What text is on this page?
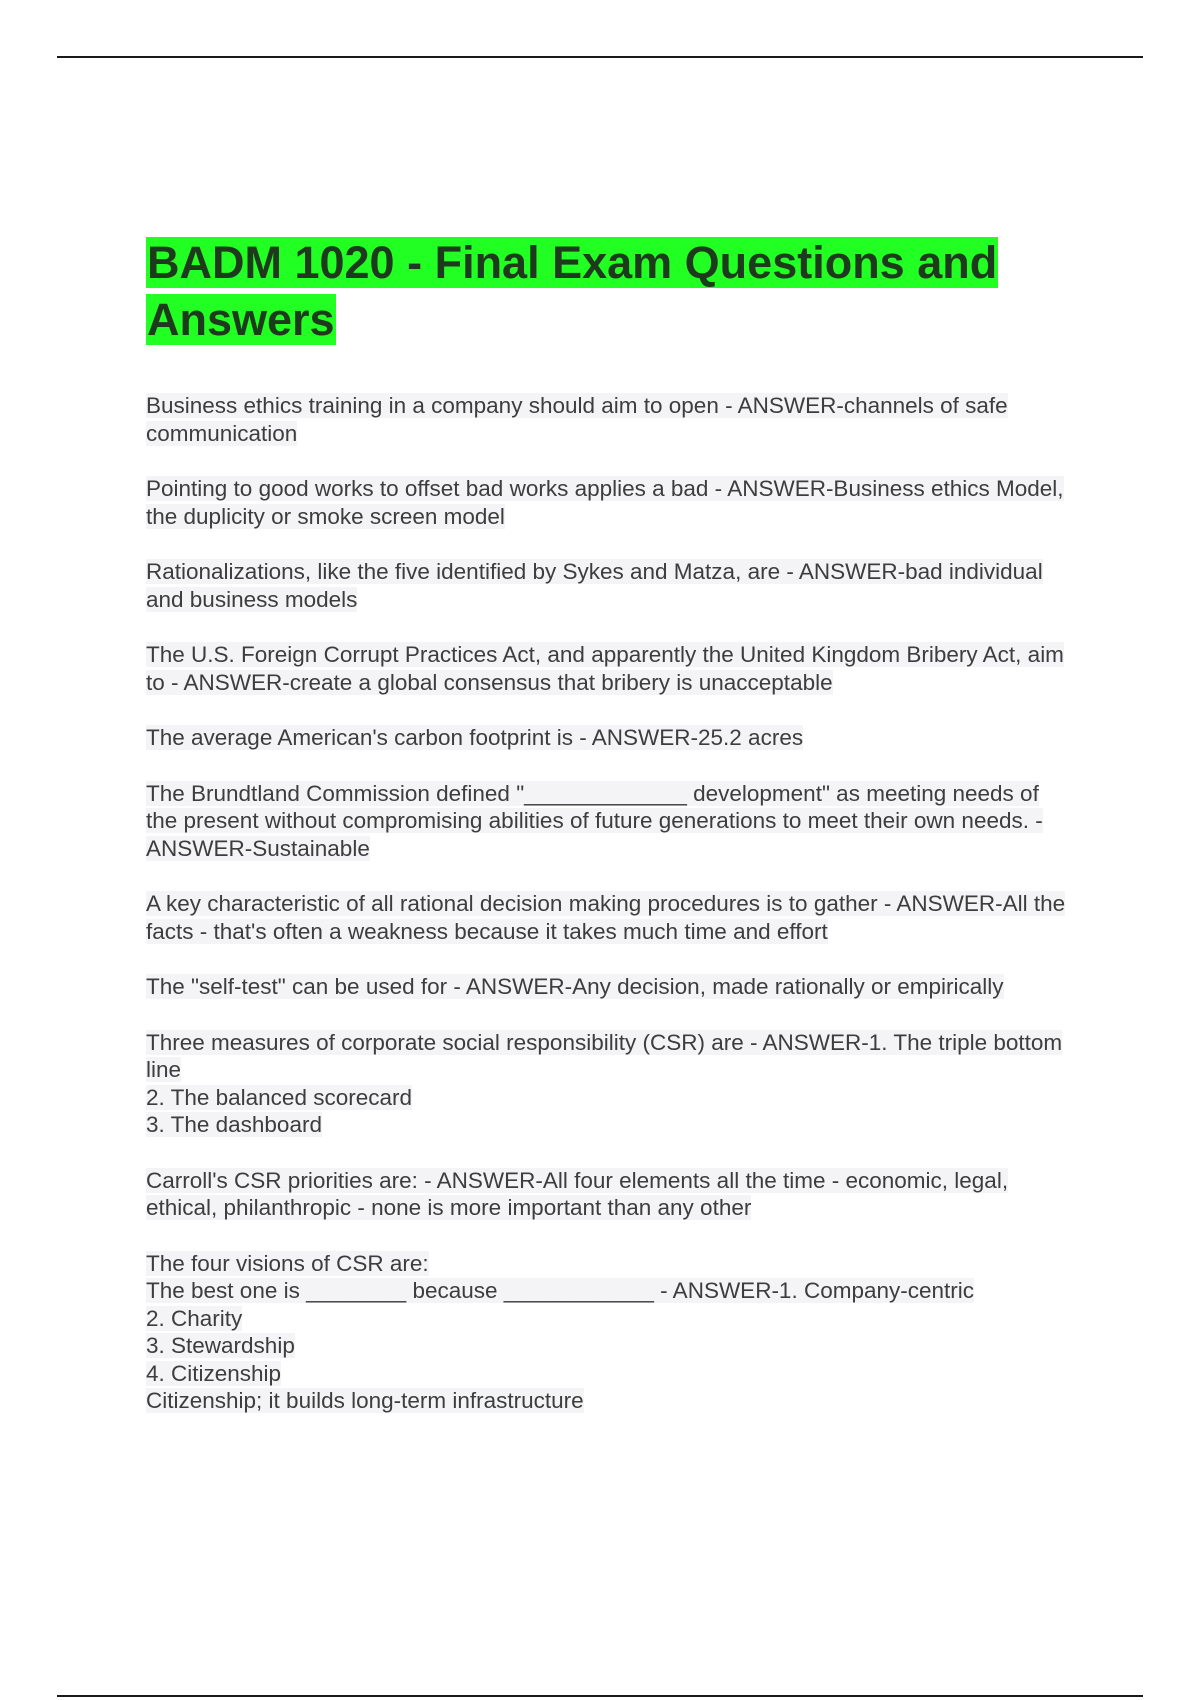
BADM 1020 - Final Exam Questions and Answers

Business ethics training in a company should aim to open - ANSWER-channels of safe communication

Pointing to good works to offset bad works applies a bad - ANSWER-Business ethics Model, the duplicity or smoke screen model

Rationalizations, like the five identified by Sykes and Matza, are - ANSWER-bad individual and business models

The U.S. Foreign Corrupt Practices Act, and apparently the United Kingdom Bribery Act, aim to - ANSWER-create a global consensus that bribery is unacceptable

The average American's carbon footprint is - ANSWER-25.2 acres

The Brundtland Commission defined "_____________ development" as meeting needs of the present without compromising abilities of future generations to meet their own needs. - ANSWER-Sustainable

A key characteristic of all rational decision making procedures is to gather - ANSWER-All the facts - that's often a weakness because it takes much time and effort

The "self-test" can be used for - ANSWER-Any decision, made rationally or empirically

Three measures of corporate social responsibility (CSR) are - ANSWER-1. The triple bottom line
2. The balanced scorecard
3. The dashboard

Carroll's CSR priorities are: - ANSWER-All four elements all the time - economic, legal, ethical, philanthropic - none is more important than any other

The four visions of CSR are:
The best one is ________ because ____________ - ANSWER-1. Company-centric
2. Charity
3. Stewardship
4. Citizenship
Citizenship; it builds long-term infrastructure
